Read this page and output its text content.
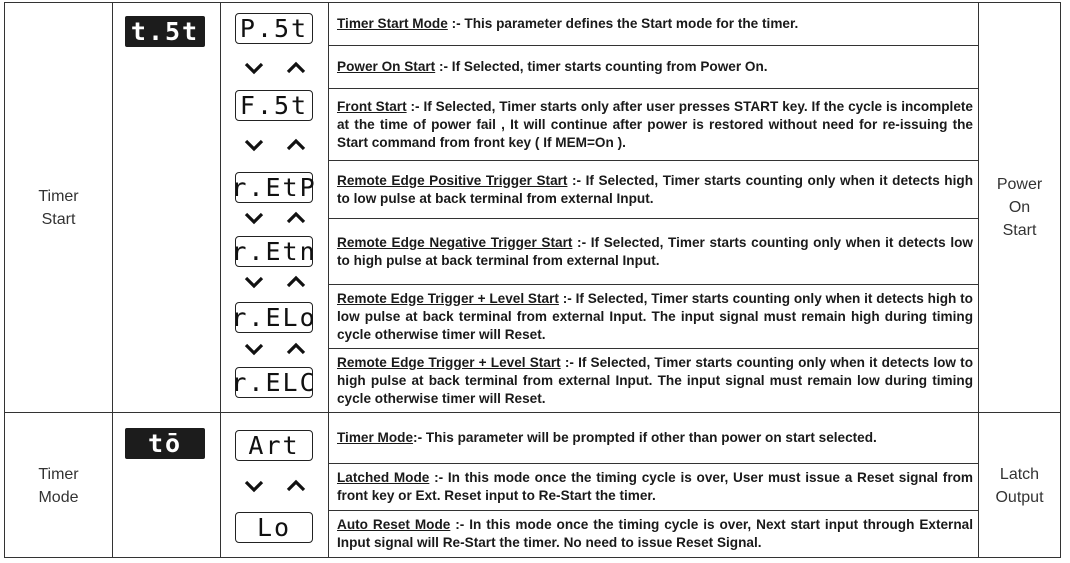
Timer
Start
t.5t P.5t
F.5t
r.EtP
r.Etn
r.ELo
r.ELC
Timer Start Mode :- This parameter defines the Start mode for the timer.
Power On Start :- If Selected, timer starts counting from Power On.
Front Start :- If Selected, Timer starts only after user presses START key. If the cycle is incomplete at the time of power fail , It will continue after power is restored without need for re-issuing the Start command from front key ( If MEM=On ).
Remote Edge Positive Trigger Start :- If Selected, Timer starts counting only when it detects high to low pulse at back terminal from external Input.
Remote Edge Negative Trigger Start :- If Selected, Timer starts counting only when it detects low to high pulse at back terminal from external Input.
Remote Edge Trigger + Level Start :- If Selected, Timer starts counting only when it detects high to low pulse at back terminal from external Input. The input signal must remain high during timing cycle otherwise timer will Reset.
Remote Edge Trigger + Level Start :- If Selected, Timer starts counting only when it detects low to high pulse at back terminal from external Input. The input signal must remain low during timing cycle otherwise timer will Reset.
Power
On
Start
Timer
Mode
tō	Art
Lo
Timer Mode:- This parameter will be prompted if other than power on start selected.
Latched Mode :- In this mode once the timing cycle is over, User must issue a Reset signal from front key or Ext. Reset input to Re-Start the timer.
Auto Reset Mode :- In this mode once the timing cycle is over, Next start input through External Input signal will Re-Start the timer. No need to issue Reset Signal.
Latch
Output
